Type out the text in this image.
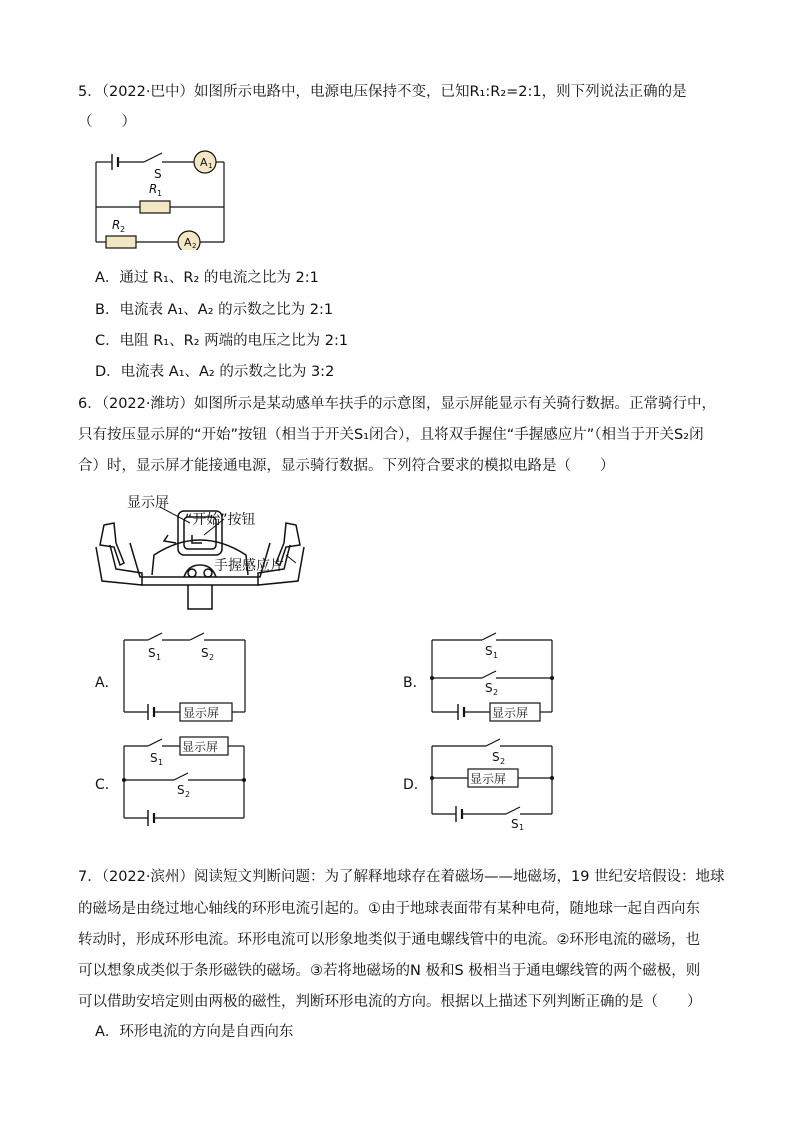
5．（2022·巴中）如图所示电路中，电源电压保持不变，已知R₁:R₂=2:1，则下列说法正确的是
（　　）
A 1
A 2
S
R 1
R 2
A．通过 R₁、R₂ 的电流之比为 2:1
B．电流表 A₁、A₂ 的示数之比为 2:1
C．电阻 R₁、R₂ 两端的电压之比为 2:1
D．电流表 A₁、A₂ 的示数之比为 3:2
6．（2022·潍坊）如图所示是某动感单车扶手的示意图，显示屏能显示有关骑行数据。正常骑行中，
只有按压显示屏的“开始”按钮（相当于开关S₁闭合），且将双手握住“手握感应片”（相当于开关S₂闭
合）时，显示屏才能接通电源，显示骑行数据。下列符合要求的模拟电路是（　　）
显示屏
“开始”按钮
手握感应片
A．
S 1	S 2
显示屏
B．
S 1
S 2
显示屏
C．
S 1
显示屏
S 2
D．
S 2
显示屏
S 1
7．（2022·滨州）阅读短文判断问题：为了解释地球存在着磁场——地磁场，19 世纪安培假设：地球
的磁场是由绕过地心轴线的环形电流引起的。①由于地球表面带有某种电荷，随地球一起自西向东
转动时，形成环形电流。环形电流可以形象地类似于通电螺线管中的电流。②环形电流的磁场，也
可以想象成类似于条形磁铁的磁场。③若将地磁场的N 极和S 极相当于通电螺线管的两个磁极，则
可以借助安培定则由两极的磁性，判断环形电流的方向。根据以上描述下列判断正确的是（　　）
A．环形电流的方向是自西向东
